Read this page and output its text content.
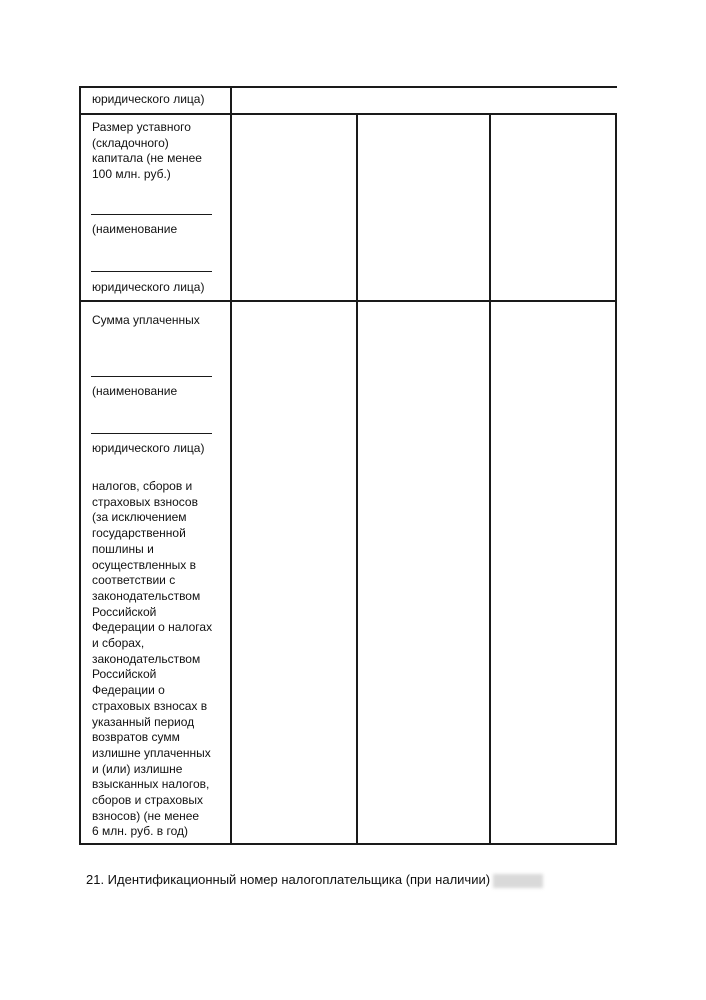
юридического лица)
Размер уставного
(складочного)
капитала (не менее
100 млн. руб.)
(наименование
юридического лица)
Сумма уплаченных
(наименование
юридического лица)
налогов, сборов и
страховых взносов
(за исключением
государственной
пошлины и
осуществленных в
соответствии с
законодательством
Российской
Федерации о налогах
и сборах,
законодательством
Российской
Федерации о
страховых взносах в
указанный период
возвратов сумм
излишне уплаченных
и (или) излишне
взысканных налогов,
сборов и страховых
взносов) (не менее
6 млн. руб. в год)
21. Идентификационный номер налогоплательщика (при наличии)
